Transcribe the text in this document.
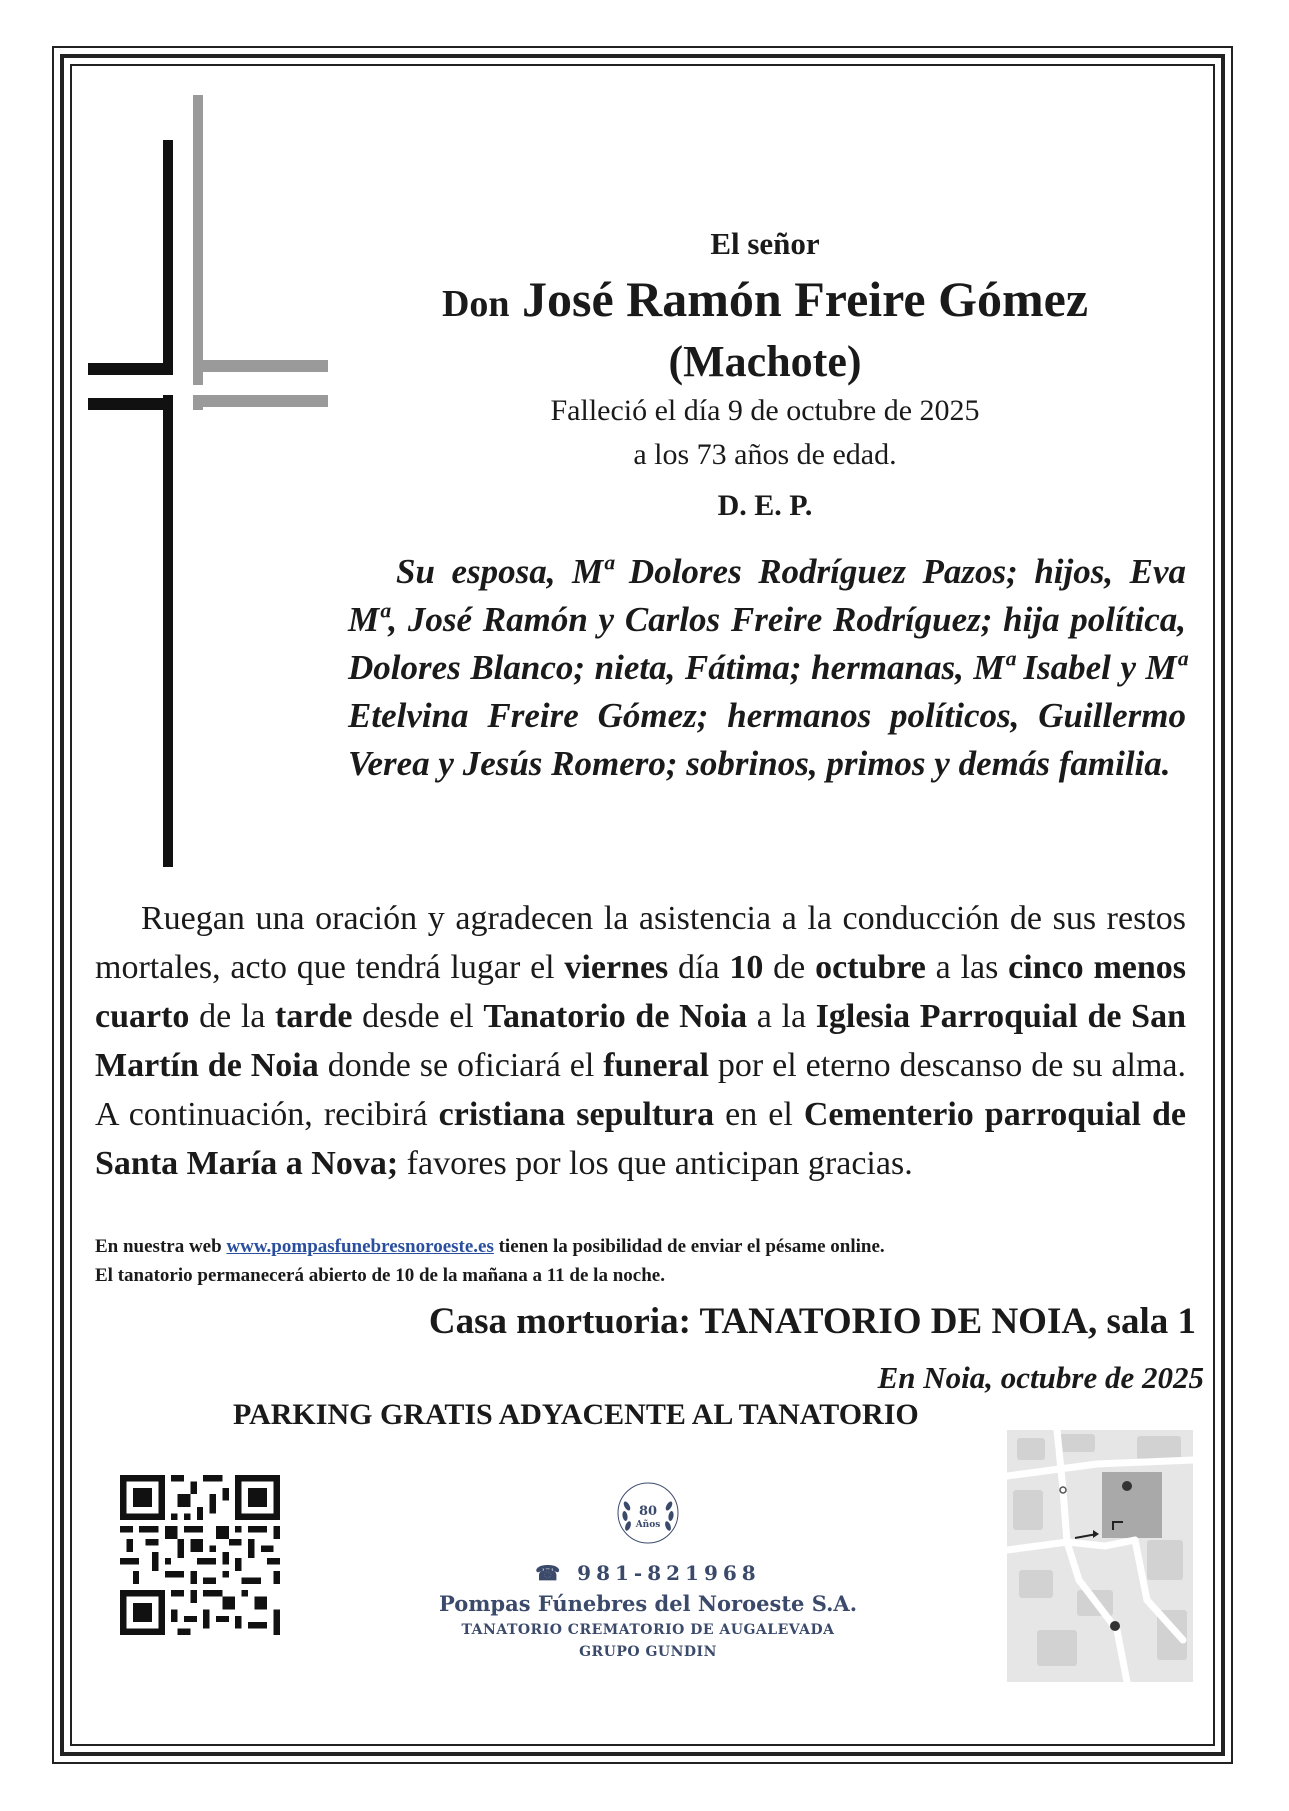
El señor
Don José Ramón Freire Gómez
(Machote)
Falleció el día 9 de octubre de 2025
a los 73 años de edad.
D. E. P.
Su esposa, Mª Dolores Rodríguez Pazos; hijos, Eva Mª, José Ramón y Carlos Freire Rodríguez; hija política, Dolores Blanco; nieta, Fátima; hermanas, Mª Isabel y Mª Etelvina Freire Gómez; hermanos políticos, Guillermo Verea y Jesús Romero; sobrinos, primos y demás familia.
Ruegan una oración y agradecen la asistencia a la conducción de sus restos mortales, acto que tendrá lugar el viernes día 10 de octubre a las cinco menos cuarto de la tarde desde el Tanatorio de Noia a la Iglesia Parroquial de San Martín de Noia donde se oficiará el funeral por el eterno descanso de su alma. A continuación, recibirá cristiana sepultura en el Cementerio parroquial de Santa María a Nova; favores por los que anticipan gracias.
En nuestra web www.pompasfunebresnoroeste.es tienen la posibilidad de enviar el pésame online.
El tanatorio permanecerá abierto de 10 de la mañana a 11 de la noche.
Casa mortuoria: TANATORIO DE NOIA, sala 1
En Noia, octubre de 2025
PARKING GRATIS ADYACENTE AL TANATORIO
80
Años
☎ 981-821968
Pompas Fúnebres del Noroeste S.A.
TANATORIO CREMATORIO DE AUGALEVADA
GRUPO GUNDIN
